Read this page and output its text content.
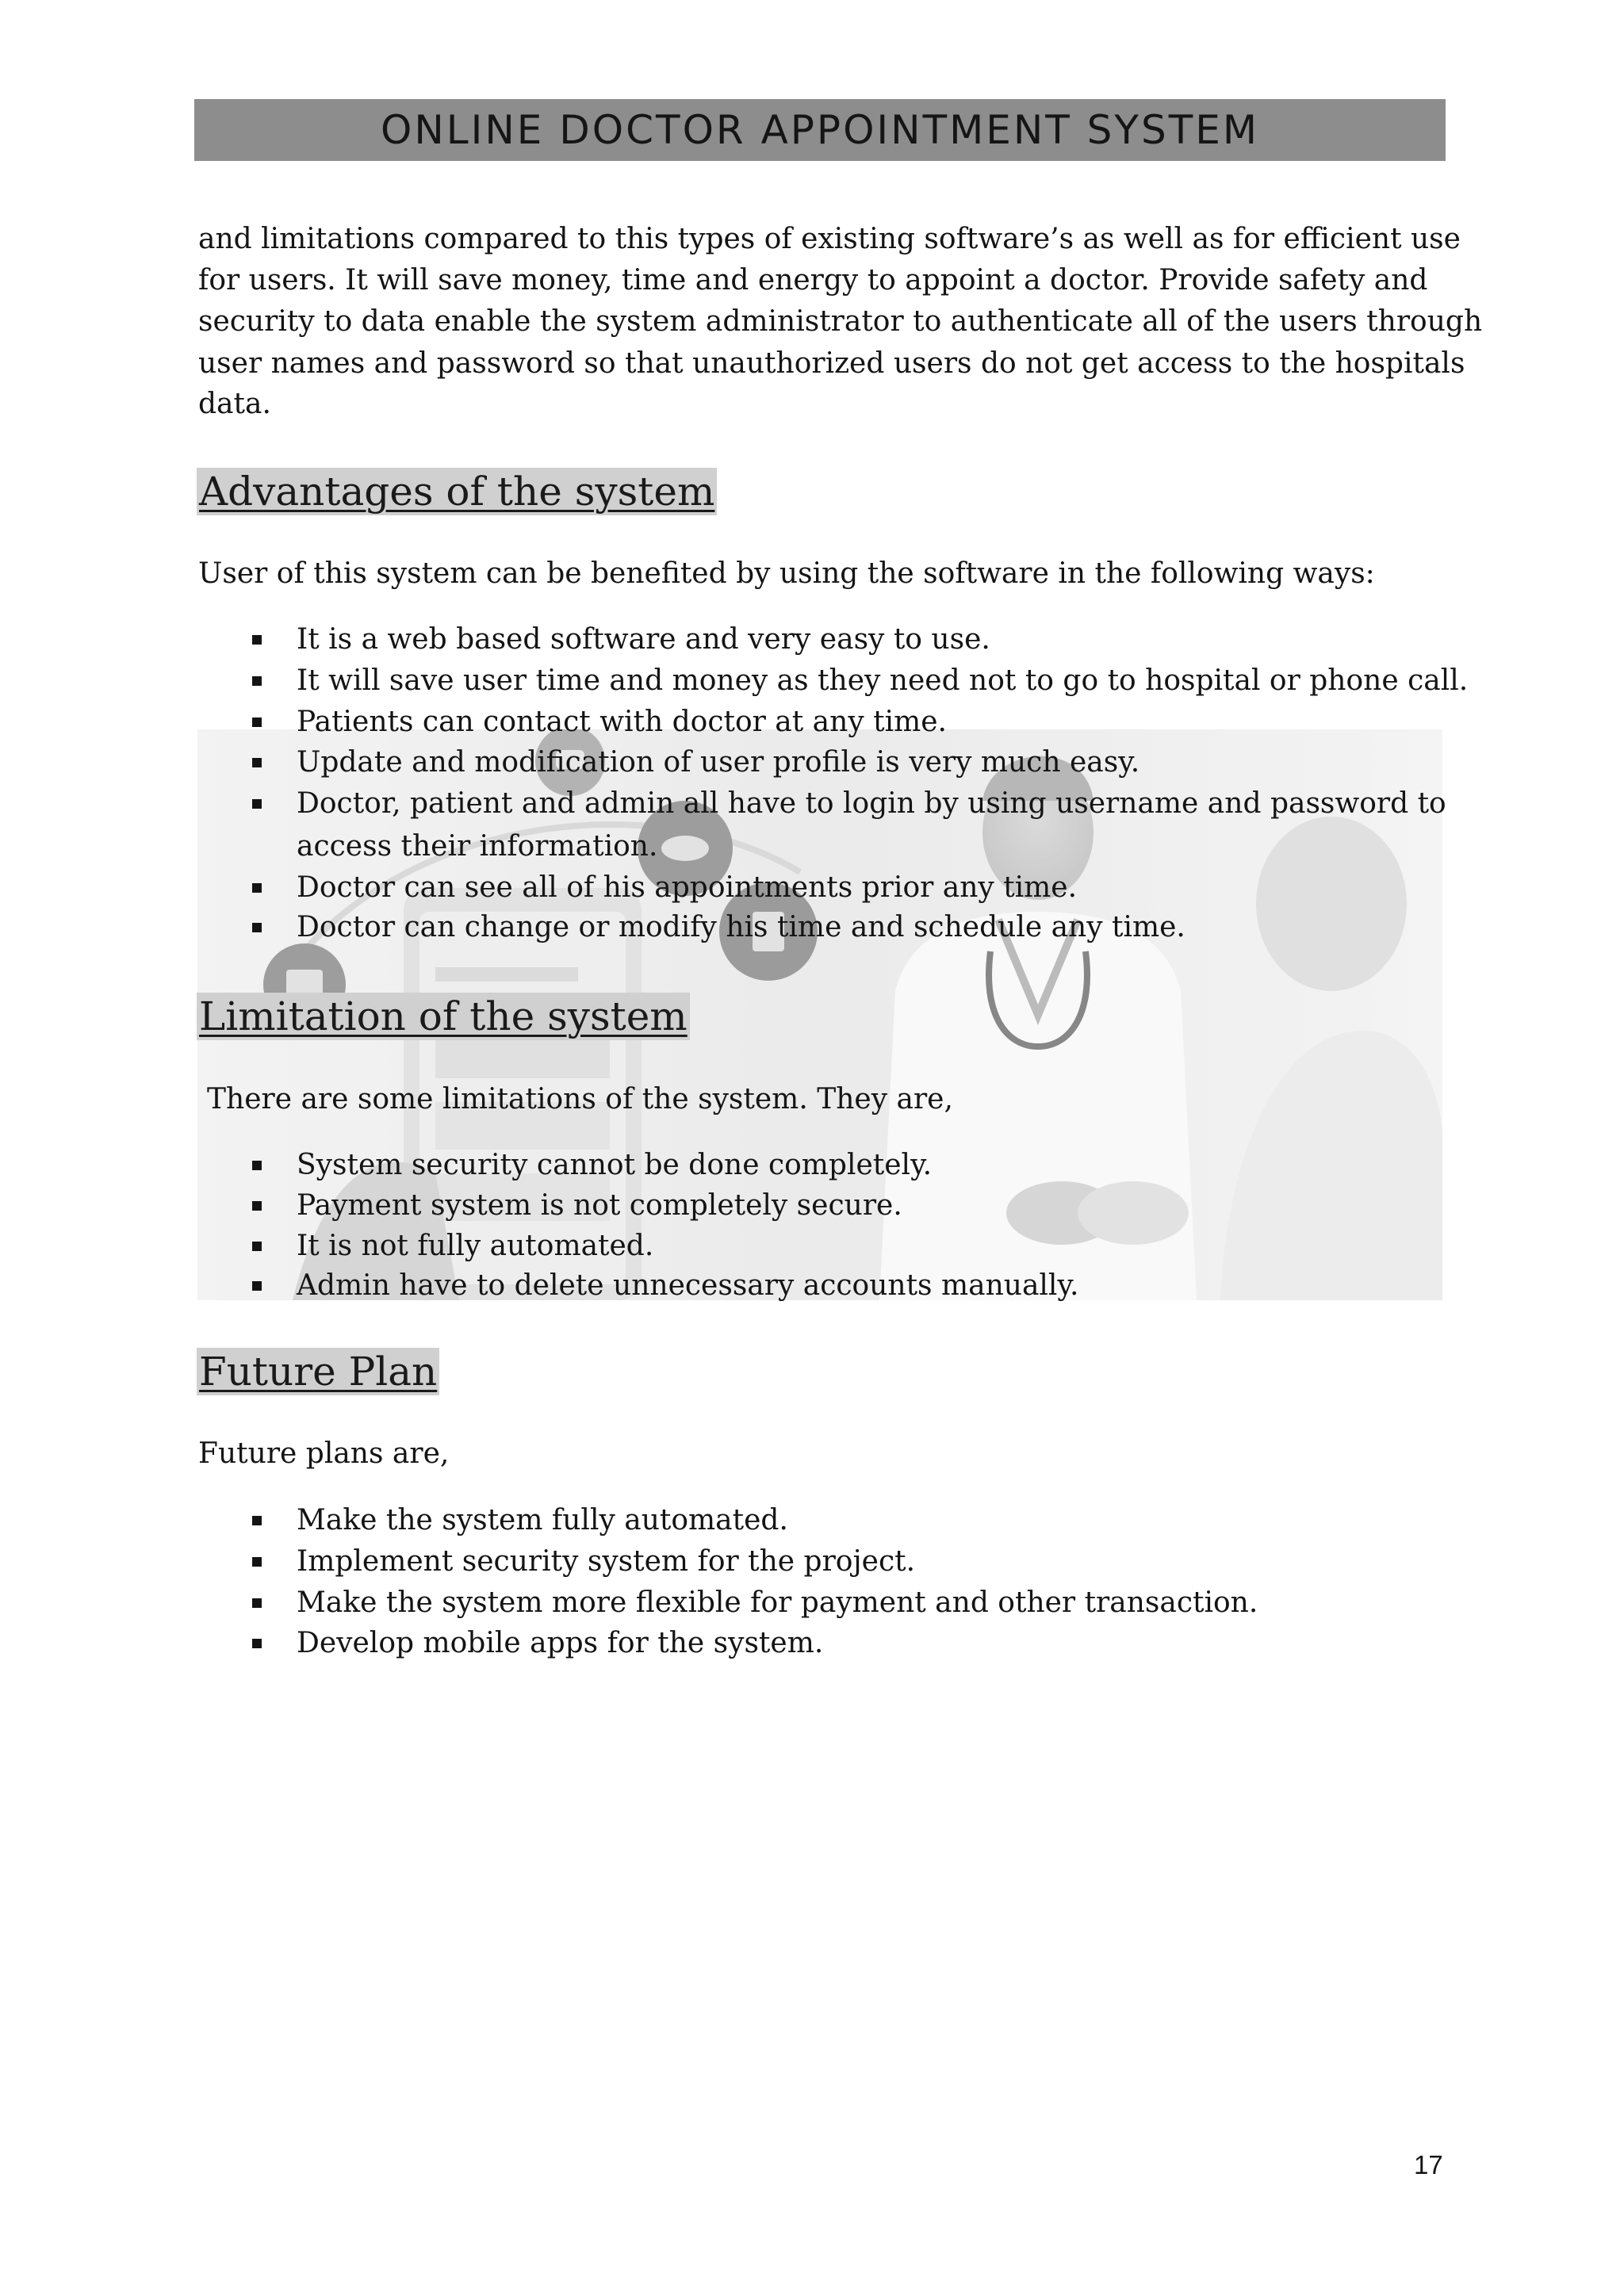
ONLINE DOCTOR APPOINTMENT SYSTEM
and limitations compared to this types of existing software’s as well as for efficient use
for users. It will save money, time and energy to appoint a doctor. Provide safety and
security to data enable the system administrator to authenticate all of the users through
user names and password so that unauthorized users do not get access to the hospitals
data.
Advantages of the system
User of this system can be benefited by using the software in the following ways:
It is a web based software and very easy to use.
It will save user time and money as they need not to go to hospital or phone call.
Patients can contact with doctor at any time.
Update and modification of user profile is very much easy.
Doctor, patient and admin all have to login by using username and password to
access their information.
Doctor can see all of his appointments prior any time.
Doctor can change or modify his time and schedule any time.
Limitation of the system
There are some limitations of the system. They are,
System security cannot be done completely.
Payment system is not completely secure.
It is not fully automated.
Admin have to delete unnecessary accounts manually.
Future Plan
Future plans are,
Make the system fully automated.
Implement security system for the project.
Make the system more flexible for payment and other transaction.
Develop mobile apps for the system.
17
